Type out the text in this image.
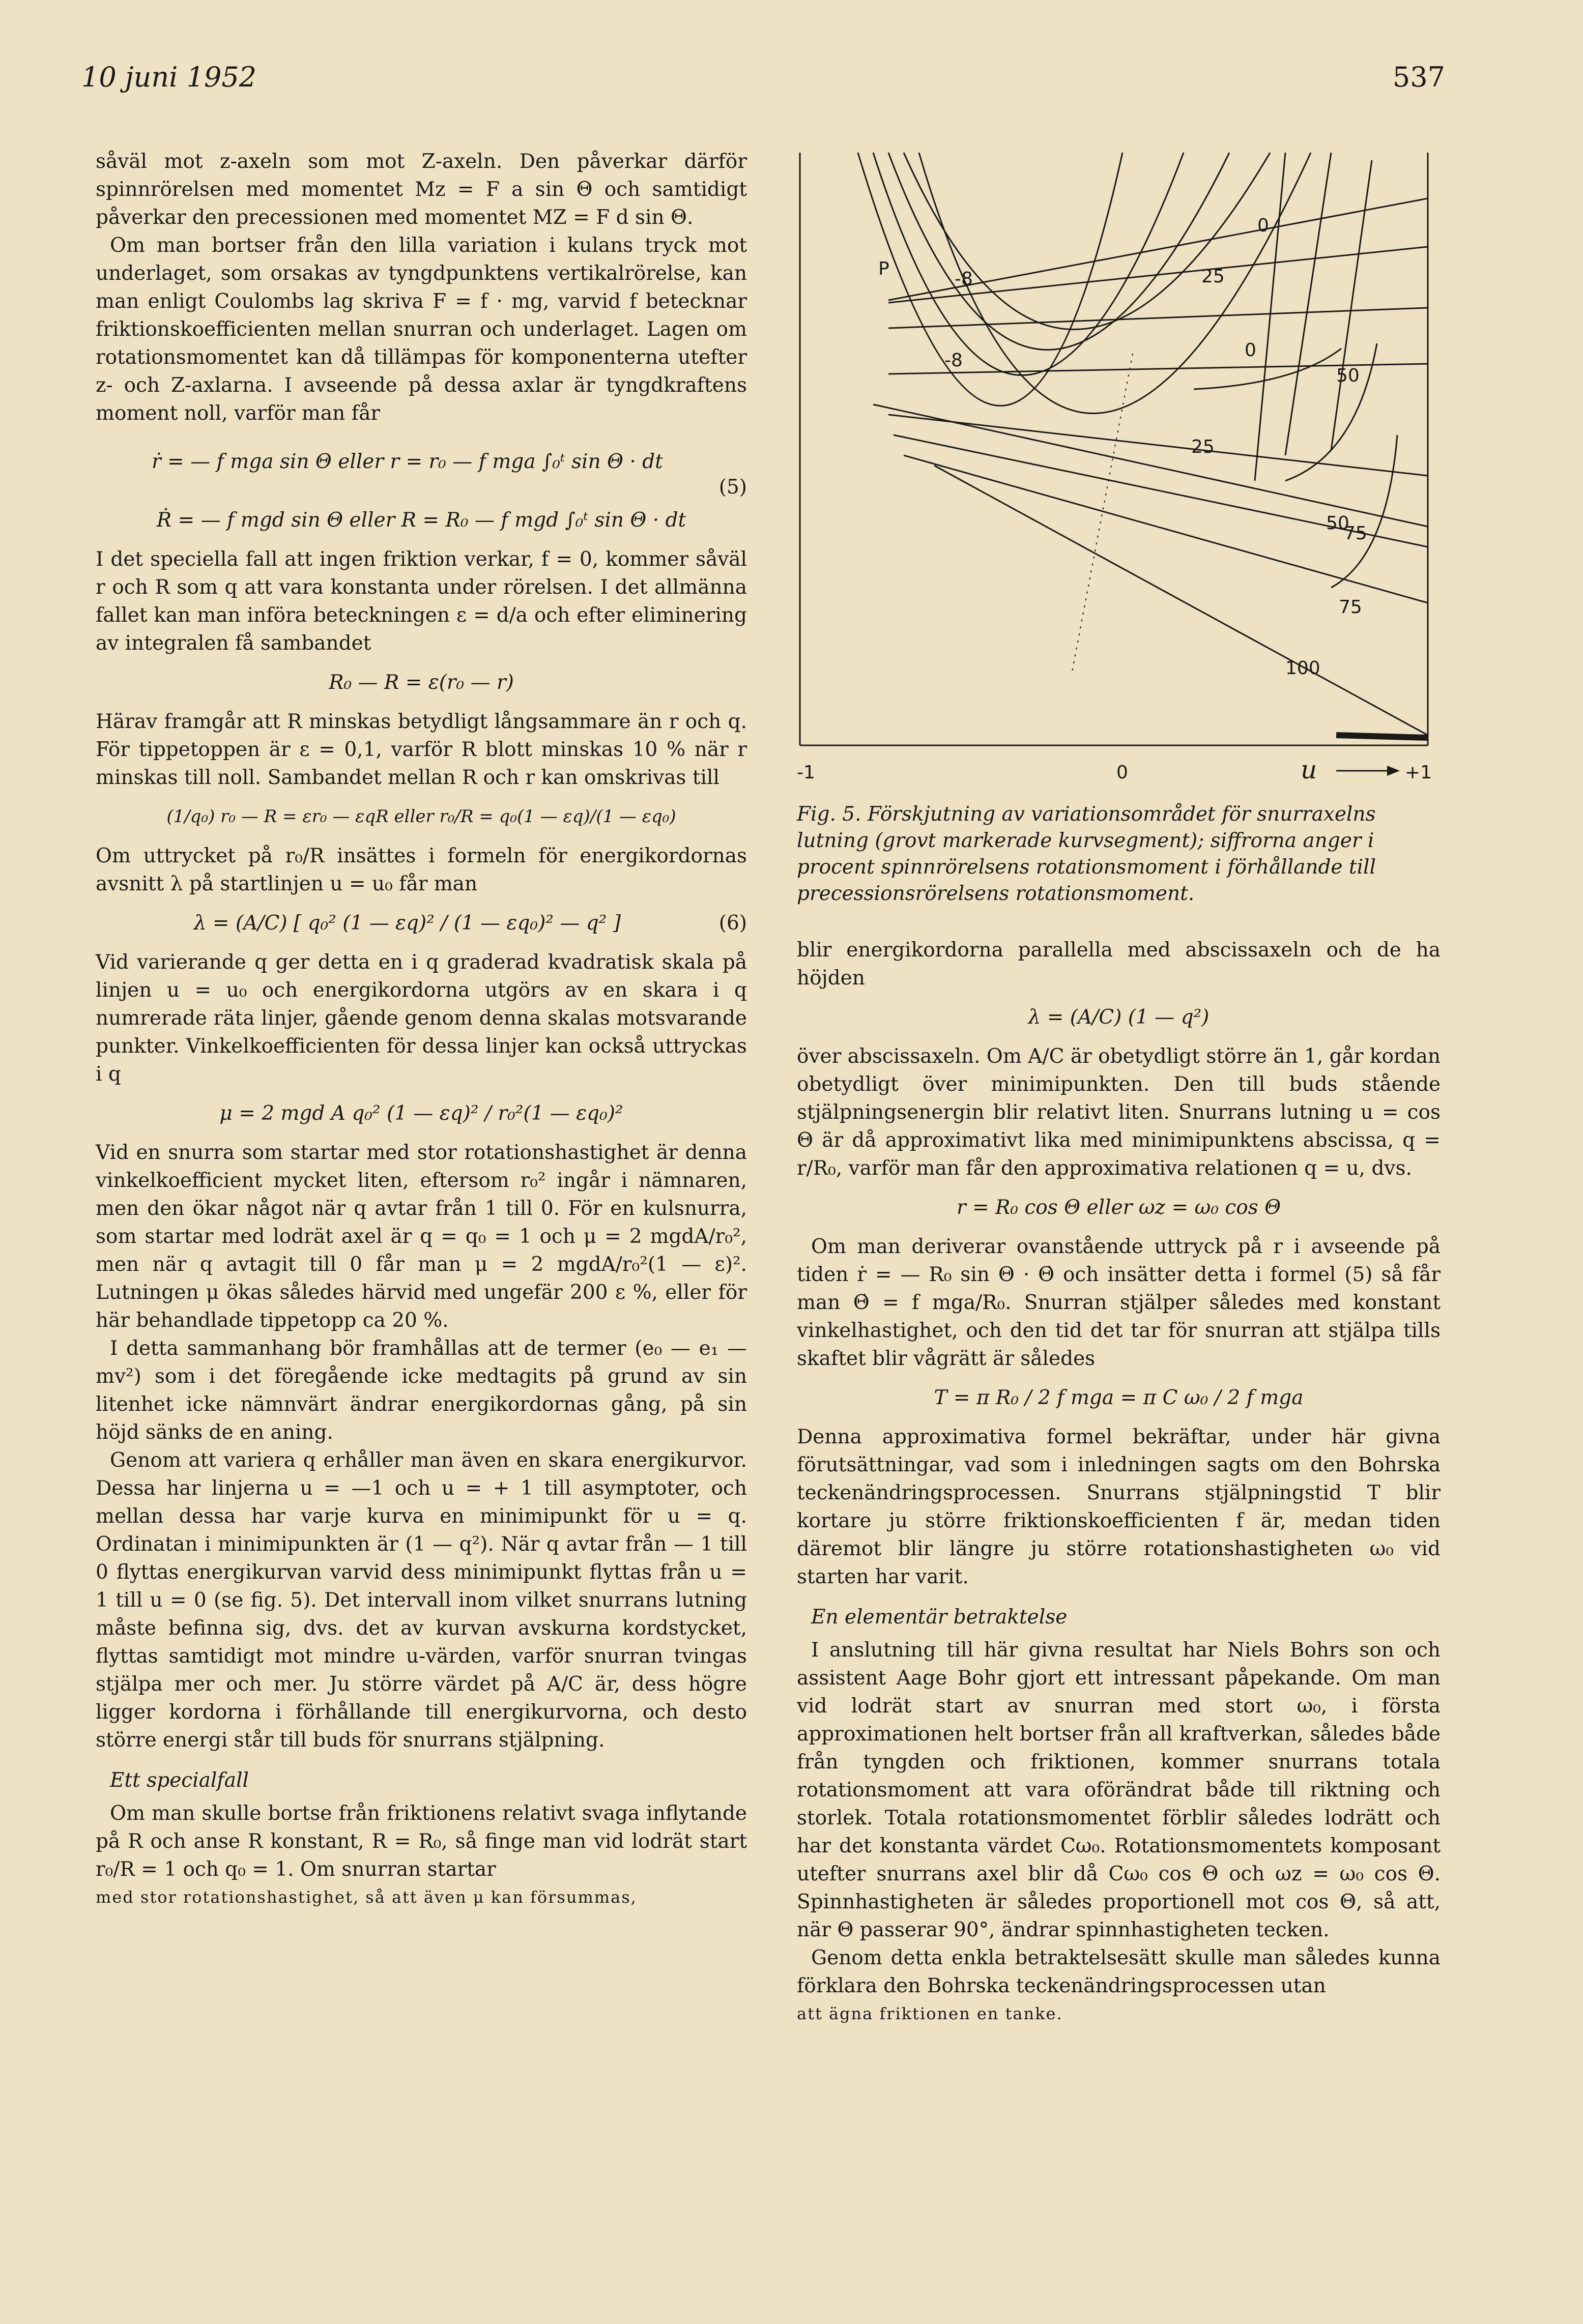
10 juni 1952	537

såväl mot z-axeln som mot Z-axeln. Den påverkar därför spinnrörelsen med momentet Mz = F a sin Θ och samtidigt påverkar den precessionen med momentet MZ = F d sin Θ.

Om man bortser från den lilla variation i kulans tryck mot underlaget, som orsakas av tyngdpunktens vertikalrörelse, kan man enligt Coulombs lag skriva F = f · mg, varvid f betecknar friktionskoefficienten mellan snurran och underlaget. Lagen om rotationsmomentet kan då tillämpas för komponenterna utefter z- och Z-axlarna. I avseende på dessa axlar är tyngdkraftens moment noll, varför man får

(5)
ṙ = — f mga sin Θ eller r = r₀ — f mga ∫₀ᵗ sin Θ · dt
Ṙ = — f mgd sin Θ eller R = R₀ — f mgd ∫₀ᵗ sin Θ · dt

I det speciella fall att ingen friktion verkar, f = 0, kommer såväl r och R som q att vara konstanta under rörelsen. I det allmänna fallet kan man införa beteckningen ε = d/a och efter eliminering av integralen få sambandet

R₀ — R = ε(r₀ — r)

Härav framgår att R minskas betydligt långsammare än r och q. För tippetoppen är ε = 0,1, varför R blott minskas 10 % när r minskas till noll. Sambandet mellan R och r kan omskrivas till

(1/q₀) r₀ — R = εr₀ — εqR eller r₀/R = q₀(1 — εq)/(1 — εq₀)

Om uttrycket på r₀/R insättes i formeln för energikordornas avsnitt λ på startlinjen u = u₀ får man

(6)
λ = (A/C) [ q₀² (1 — εq)² / (1 — εq₀)² — q² ]

Vid varierande q ger detta en i q graderad kvadratisk skala på linjen u = u₀ och energikordorna utgörs av en skara i q numrerade räta linjer, gående genom denna skalas motsvarande punkter. Vinkelkoefficienten för dessa linjer kan också uttryckas i q

μ = 2 mgd A q₀² (1 — εq)² / r₀²(1 — εq₀)²

Vid en snurra som startar med stor rotationshastighet är denna vinkelkoefficient mycket liten, eftersom r₀² ingår i nämnaren, men den ökar något när q avtar från 1 till 0. För en kulsnurra, som startar med lodrät axel är q = q₀ = 1 och μ = 2 mgdA/r₀², men när q avtagit till 0 får man μ = 2 mgdA/r₀²(1 — ε)². Lutningen μ ökas således härvid med ungefär 200 ε %, eller för här behandlade tippetopp ca 20 %.

I detta sammanhang bör framhållas att de termer (e₀ — e₁ — mv²) som i det föregående icke medtagits på grund av sin litenhet icke nämnvärt ändrar energikordornas gång, på sin höjd sänks de en aning.

Genom att variera q erhåller man även en skara energikurvor. Dessa har linjerna u = —1 och u = + 1 till asymptoter, och mellan dessa har varje kurva en minimipunkt för u = q. Ordinatan i minimipunkten är (1 — q²). När q avtar från — 1 till 0 flyttas energikurvan varvid dess minimipunkt flyttas från u = 1 till u = 0 (se fig. 5). Det intervall inom vilket snurrans lutning måste befinna sig, dvs. det av kurvan avskurna kordstycket, flyttas samtidigt mot mindre u-värden, varför snurran tvingas stjälpa mer och mer. Ju större värdet på A/C är, dess högre ligger kordorna i förhållande till energikurvorna, och desto större energi står till buds för snurrans stjälpning.

Ett specialfall

Om man skulle bortse från friktionens relativt svaga inflytande på R och anse R konstant, R = R₀, så finge man vid lodrät start r₀/R = 1 och q₀ = 1. Om snurran startar

med stor rotationshastighet, så att även μ kan försummas,

P	-8
-8
0
0
25
25
50
50
75
75
100
-1	0	u	+1
Fig. 5. Förskjutning av variationsområdet för snurraxelns lutning (grovt markerade kurvsegment); siffrorna anger i procent spinnrörelsens rotationsmoment i förhållande till precessionsrörelsens rotationsmoment.

blir energikordorna parallella med abscissaxeln och de ha höjden

λ = (A/C) (1 — q²)

över abscissaxeln. Om A/C är obetydligt större än 1, går kordan obetydligt över minimipunkten. Den till buds stående stjälpningsenergin blir relativt liten. Snurrans lutning u = cos Θ är då approximativt lika med minimipunktens abscissa, q = r/R₀, varför man får den approximativa relationen q = u, dvs.

r = R₀ cos Θ eller ωz = ω₀ cos Θ

Om man deriverar ovanstående uttryck på r i avseende på tiden ṙ = — R₀ sin Θ · Θ̇ och insätter detta i formel (5) så får man Θ̇ = f mga/R₀. Snurran stjälper således med konstant vinkelhastighet, och den tid det tar för snurran att stjälpa tills skaftet blir vågrätt är således

T = π R₀ / 2 f mga = π C ω₀ / 2 f mga

Denna approximativa formel bekräftar, under här givna förutsättningar, vad som i inledningen sagts om den Bohrska teckenändringsprocessen. Snurrans stjälpningstid T blir kortare ju större friktionskoefficienten f är, medan tiden däremot blir längre ju större rotationshastigheten ω₀ vid starten har varit.

En elementär betraktelse

I anslutning till här givna resultat har Niels Bohrs son och assistent Aage Bohr gjort ett intressant påpekande. Om man vid lodrät start av snurran med stort ω₀, i första approximationen helt bortser från all kraftverkan, således både från tyngden och friktionen, kommer snurrans totala rotationsmoment att vara oförändrat både till riktning och storlek. Totala rotationsmomentet förblir således lodrätt och har det konstanta värdet Cω₀. Rotationsmomentets komposant utefter snurrans axel blir då Cω₀ cos Θ och ωz = ω₀ cos Θ. Spinnhastigheten är således proportionell mot cos Θ, så att, när Θ passerar 90°, ändrar spinnhastigheten tecken.

Genom detta enkla betraktelsesätt skulle man således kunna förklara den Bohrska teckenändringsprocessen utan

att ägna friktionen en tanke.
